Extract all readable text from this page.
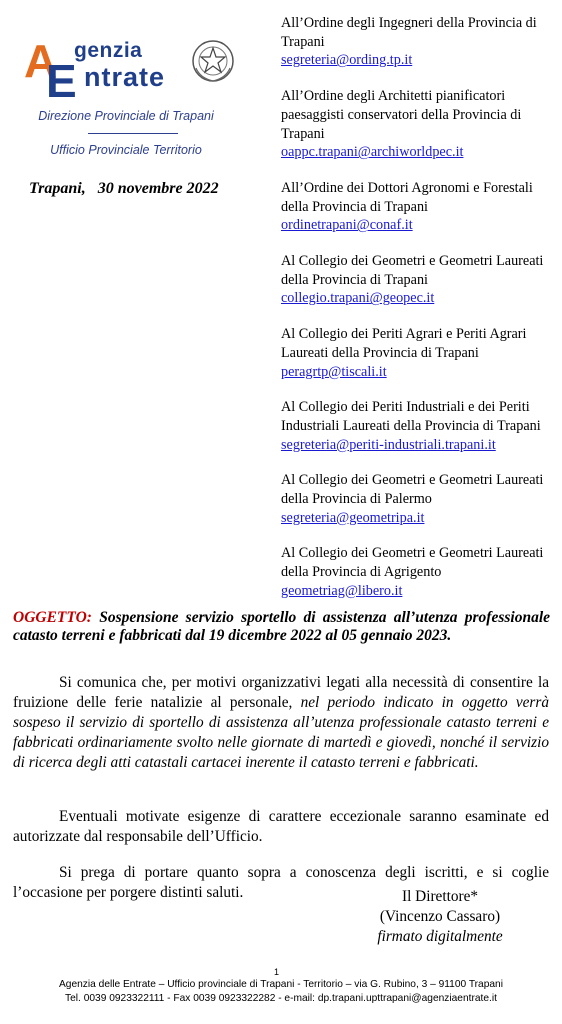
A
E
genzia
ntrate
Direzione Provinciale di Trapani
Ufficio Provinciale Territorio
Trapani,   30 novembre 2022
All’Ordine degli Ingegneri della Provincia di Trapani
segreteria@ording.tp.it
All’Ordine degli Architetti pianificatori paesaggisti conservatori della Provincia di Trapani
oappc.trapani@archiworldpec.it
All’Ordine dei Dottori Agronomi e Forestali della Provincia di Trapani
ordinetrapani@conaf.it
Al Collegio dei Geometri e Geometri Laureati della Provincia di Trapani
collegio.trapani@geopec.it
Al Collegio dei Periti Agrari e Periti Agrari Laureati della Provincia di Trapani
peragrtp@tiscali.it
Al Collegio dei Periti Industriali e dei Periti Industriali Laureati della Provincia di Trapani
segreteria@periti-industriali.trapani.it
Al Collegio dei Geometri e Geometri Laureati della Provincia di Palermo
segreteria@geometripa.it
Al Collegio dei Geometri e Geometri Laureati della Provincia di Agrigento
geometriag@libero.it
OGGETTO: Sospensione servizio sportello di assistenza all’utenza professionale catasto terreni e fabbricati dal 19 dicembre 2022 al 05 gennaio 2023.
Si comunica che, per motivi organizzativi legati alla necessità di consentire la fruizione delle ferie natalizie al personale, nel periodo indicato in oggetto verrà sospeso il servizio di sportello di assistenza all’utenza professionale catasto terreni e fabbricati ordinariamente svolto nelle giornate di martedì e giovedì, nonché il servizio di ricerca degli atti catastali cartacei inerente il catasto terreni e fabbricati.
Eventuali motivate esigenze di carattere eccezionale saranno esaminate ed autorizzate dal responsabile dell’Ufficio.
Si prega di portare quanto sopra a conoscenza degli iscritti, e si coglie l’occasione per porgere distinti saluti.	Il Direttore*
(Vincenzo Cassaro)
firmato digitalmente
1
Agenzia delle Entrate – Ufficio provinciale di Trapani - Territorio – via G. Rubino, 3 – 91100 Trapani
Tel. 0039 0923322111 - Fax 0039 0923322282 - e-mail: dp.trapani.upttrapani@agenziaentrate.it
